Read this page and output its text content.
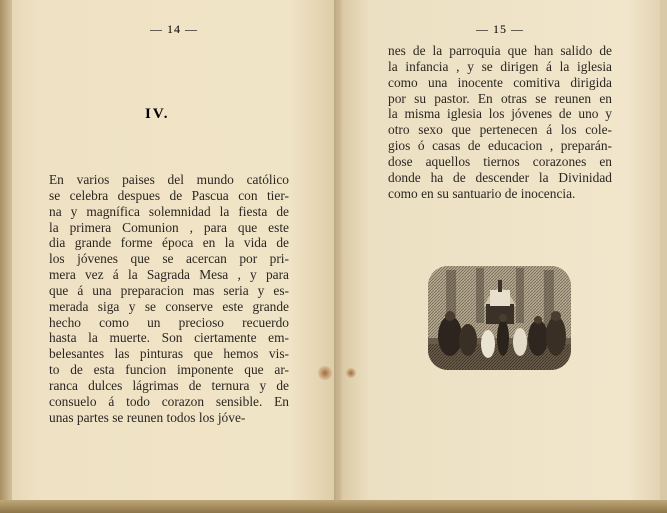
— 14 —	— 15 —
IV.
En varios paises del mundo católico
se celebra despues de Pascua con tier-
na y magnífica solemnidad la fiesta de
la primera Comunion , para que este
dia grande forme época en la vida de
los jóvenes que se acercan por pri-
mera vez á la Sagrada Mesa , y para
que á una preparacion mas seria y es-
merada siga y se conserve este grande
hecho como un precioso recuerdo
hasta la muerte. Son ciertamente em-
belesantes las pinturas que hemos vis-
to de esta funcion imponente que ar-
ranca dulces lágrimas de ternura y de
consuelo á todo corazon sensible. En
unas partes se reunen todos los jóve-
nes de la parroquia que han salido de
la infancia , y se dirigen á la iglesia
como una inocente comitiva dirigida
por su pastor. En otras se reunen en
la misma iglesia los jóvenes de uno y
otro sexo que pertenecen á los cole-
gios ó casas de educacion , preparán-
dose aquellos tiernos corazones en
donde ha de descender la Divinidad
como en su santuario de inocencia.
